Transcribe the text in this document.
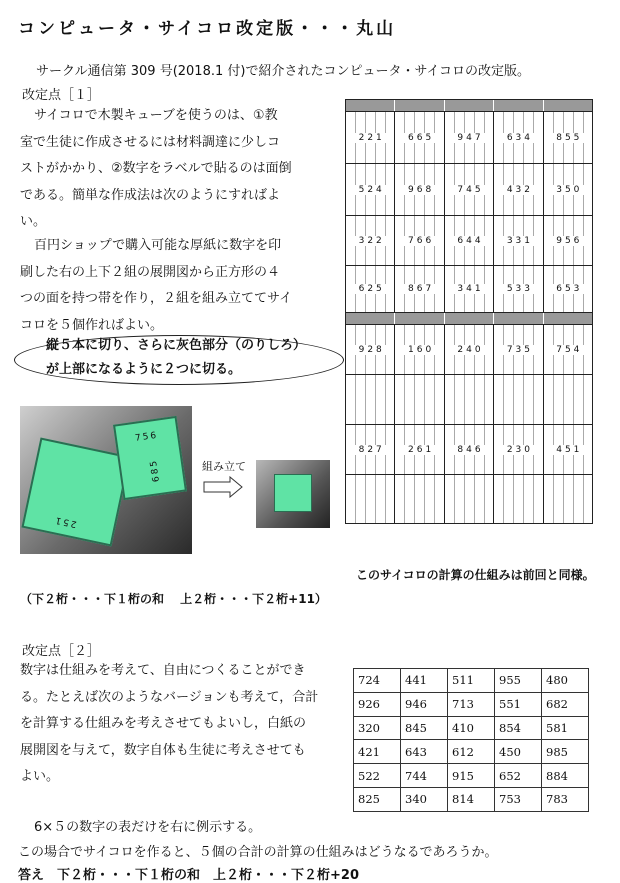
コンピュータ・サイコロ改定版・・・丸山
サークル通信第 309 号(2018.1 付)で紹介されたコンピュータ・サイコロの改定版。
改定点［１］

サイコロで木製キューブを使うのは、①教

室で生徒に作成させるには材料調達に少しコ

ストがかかり、②数字をラベルで貼るのは面倒

である。簡単な作成法は次のようにすればよ

い。

百円ショップで購入可能な厚紙に数字を印

刷した右の上下２組の展開図から正方形の４

つの面を持つ帯を作り，２組を組み立ててサイ

コロを５個作ればよい。

縦５本に切り、さらに灰色部分（のりしろ）
が上部になるように２つに切る。
221	665	947	634	855
524	968	745	432	350
322	766	644	331	956
625	867	341	533	653
928	160	240	735	754
827	261	846	230	451
251
756
685	組み立て
このサイコロの計算の仕組みは前回と同様。
（下２桁・・・下１桁の和　 上２桁・・・下２桁+11）
改定点［２］

数字は仕組みを考えて、自由につくることができ

る。たとえば次のようなバージョンも考えて，合計

を計算する仕組みを考えさせてもよいし，白紙の

展開図を与えて，数字自体も生徒に考えさせても

よい。

724	441	511	955	480
926	946	713	551	682
320	845	410	854	581
421	643	612	450	985
522	744	915	652	884
825	340	814	753	783
6×５の数字の表だけを右に例示する。
この場合でサイコロを作ると、５個の合計の計算の仕組みはどうなるであろうか。
答え　下２桁・・・下１桁の和　上２桁・・・下２桁+20
